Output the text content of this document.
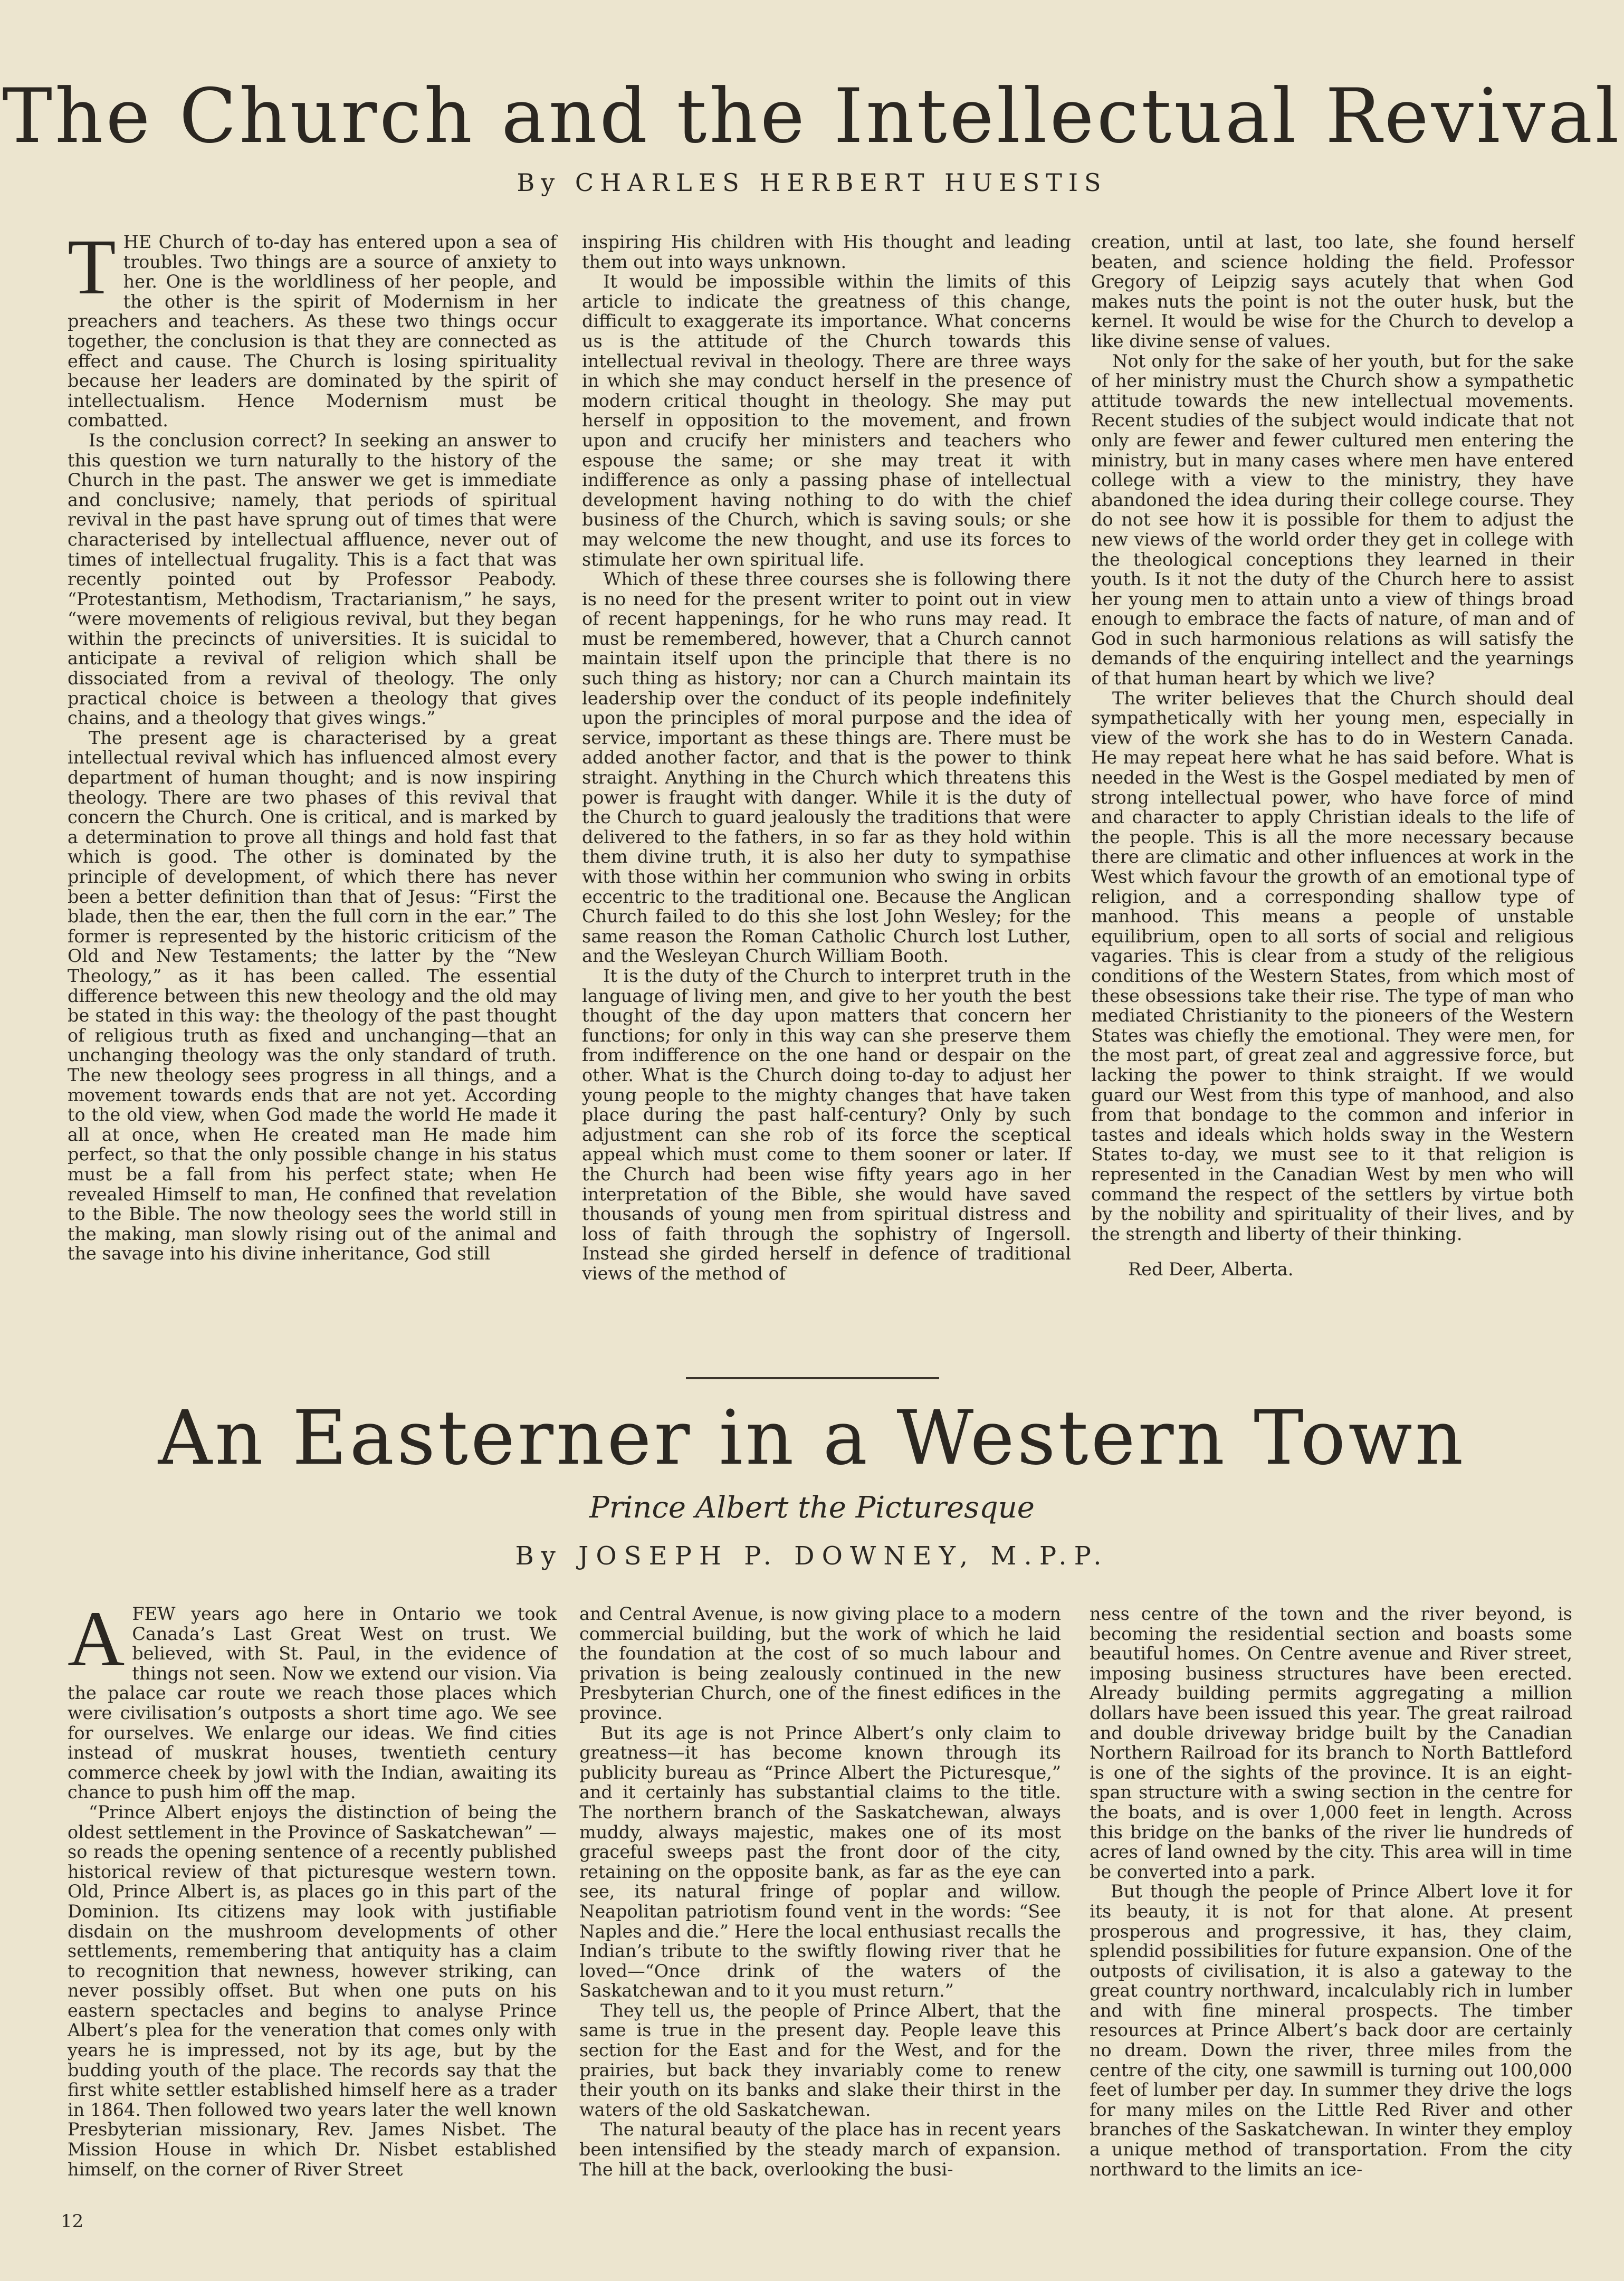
The Church and the Intellectual Revival
By CHARLES HERBERT HUESTIS

THE Church of to-day has entered upon a sea of troubles. Two things are a source of anxiety to her. One is the worldliness of her people, and the other is the spirit of Modernism in her preachers and teachers. As these two things occur together, the conclusion is that they are connected as effect and cause. The Church is losing spirituality because her leaders are dominated by the spirit of intellectualism. Hence Modernism must be combatted.

Is the conclusion correct? In seeking an answer to this question we turn naturally to the history of the Church in the past. The answer we get is immediate and conclusive; namely, that periods of spiritual revival in the past have sprung out of times that were characterised by intellectual affluence, never out of times of intellectual frugality. This is a fact that was recently pointed out by Professor Peabody. “Protestantism, Methodism, Tractarianism,” he says, “were movements of religious revival, but they began within the precincts of universities. It is suicidal to anticipate a revival of religion which shall be dissociated from a revival of theology. The only practical choice is between a theology that gives chains, and a theology that gives wings.”

The present age is characterised by a great intellectual revival which has influenced almost every department of human thought; and is now inspiring theology. There are two phases of this revival that concern the Church. One is critical, and is marked by a determination to prove all things and hold fast that which is good. The other is dominated by the principle of development, of which there has never been a better definition than that of Jesus: “First the blade, then the ear, then the full corn in the ear.” The former is represented by the historic criticism of the Old and New Testaments; the latter by the “New Theology,” as it has been called. The essential difference between this new theology and the old may be stated in this way: the theology of the past thought of religious truth as fixed and unchanging—that an unchanging theology was the only standard of truth. The new theology sees progress in all things, and a movement towards ends that are not yet. According to the old view, when God made the world He made it all at once, when He created man He made him perfect, so that the only possible change in his status must be a fall from his perfect state; when He revealed Himself to man, He confined that revelation to the Bible. The now theology sees the world still in the making, man slowly rising out of the animal and the savage into his divine inheritance, God still

inspiring His children with His thought and leading them out into ways unknown.

It would be impossible within the limits of this article to indicate the greatness of this change, difficult to exaggerate its importance. What concerns us is the attitude of the Church towards this intellectual revival in theology. There are three ways in which she may conduct herself in the presence of modern critical thought in theology. She may put herself in opposition to the movement, and frown upon and crucify her ministers and teachers who espouse the same; or she may treat it with indifference as only a passing phase of intellectual development having nothing to do with the chief business of the Church, which is saving souls; or she may welcome the new thought, and use its forces to stimulate her own spiritual life.

Which of these three courses she is following there is no need for the present writer to point out in view of recent happenings, for he who runs may read. It must be remembered, however, that a Church cannot maintain itself upon the principle that there is no such thing as history; nor can a Church maintain its leadership over the conduct of its people indefinitely upon the principles of moral purpose and the idea of service, important as these things are. There must be added another factor, and that is the power to think straight. Anything in the Church which threatens this power is fraught with danger. While it is the duty of the Church to guard jealously the traditions that were delivered to the fathers, in so far as they hold within them divine truth, it is also her duty to sympathise with those within her communion who swing in orbits eccentric to the traditional one. Because the Anglican Church failed to do this she lost John Wesley; for the same reason the Roman Catholic Church lost Luther, and the Wesleyan Church William Booth.

It is the duty of the Church to interpret truth in the language of living men, and give to her youth the best thought of the day upon matters that concern her functions; for only in this way can she preserve them from indifference on the one hand or despair on the other. What is the Church doing to-day to adjust her young people to the mighty changes that have taken place during the past half-century? Only by such adjustment can she rob of its force the sceptical appeal which must come to them sooner or later. If the Church had been wise fifty years ago in her interpretation of the Bible, she would have saved thousands of young men from spiritual distress and loss of faith through the sophistry of Ingersoll. Instead she girded herself in defence of traditional views of the method of

creation, until at last, too late, she found herself beaten, and science holding the field. Professor Gregory of Leipzig says acutely that when God makes nuts the point is not the outer husk, but the kernel. It would be wise for the Church to develop a like divine sense of values.

Not only for the sake of her youth, but for the sake of her ministry must the Church show a sympathetic attitude towards the new intellectual movements. Recent studies of the subject would indicate that not only are fewer and fewer cultured men entering the ministry, but in many cases where men have entered college with a view to the ministry, they have abandoned the idea during their college course. They do not see how it is possible for them to adjust the new views of the world order they get in college with the theological conceptions they learned in their youth. Is it not the duty of the Church here to assist her young men to attain unto a view of things broad enough to embrace the facts of nature, of man and of God in such harmonious relations as will satisfy the demands of the enquiring intellect and the yearnings of that human heart by which we live?

The writer believes that the Church should deal sympathetically with her young men, especially in view of the work she has to do in Western Canada. He may repeat here what he has said before. What is needed in the West is the Gospel mediated by men of strong intellectual power, who have force of mind and character to apply Christian ideals to the life of the people. This is all the more necessary because there are climatic and other influences at work in the West which favour the growth of an emotional type of religion, and a corresponding shallow type of manhood. This means a people of unstable equilibrium, open to all sorts of social and religious vagaries. This is clear from a study of the religious conditions of the Western States, from which most of these obsessions take their rise. The type of man who mediated Christianity to the pioneers of the Western States was chiefly the emotional. They were men, for the most part, of great zeal and aggressive force, but lacking the power to think straight. If we would guard our West from this type of manhood, and also from that bondage to the common and inferior in tastes and ideals which holds sway in the Western States to-day, we must see to it that religion is represented in the Canadian West by men who will command the respect of the settlers by virtue both by the nobility and spirituality of their lives, and by the strength and liberty of their thinking.

Red Deer, Alberta.

An Easterner in a Western Town
Prince Albert the Picturesque
By JOSEPH P. DOWNEY, M.P.P.

AFEW years ago here in Ontario we took Canada’s Last Great West on trust. We believed, with St. Paul, in the evidence of things not seen. Now we extend our vision. Via the palace car route we reach those places which were civilisation’s outposts a short time ago. We see for ourselves. We enlarge our ideas. We find cities instead of muskrat houses, twentieth century commerce cheek by jowl with the Indian, awaiting its chance to push him off the map.

“Prince Albert enjoys the distinction of being the oldest settlement in the Province of Saskatchewan” —so reads the opening sentence of a recently published historical review of that picturesque western town. Old, Prince Albert is, as places go in this part of the Dominion. Its citizens may look with justifiable disdain on the mushroom developments of other settlements, remembering that antiquity has a claim to recognition that newness, however striking, can never possibly offset. But when one puts on his eastern spectacles and begins to analyse Prince Albert’s plea for the veneration that comes only with years he is impressed, not by its age, but by the budding youth of the place. The records say that the first white settler established himself here as a trader in 1864. Then followed two years later the well known Presbyterian missionary, Rev. James Nisbet. The Mission House in which Dr. Nisbet established himself, on the corner of River Street

and Central Avenue, is now giving place to a modern commercial building, but the work of which he laid the foundation at the cost of so much labour and privation is being zealously continued in the new Presbyterian Church, one of the finest edifices in the province.

But its age is not Prince Albert’s only claim to greatness—it has become known through its publicity bureau as “Prince Albert the Picturesque,” and it certainly has substantial claims to the title. The northern branch of the Saskatchewan, always muddy, always majestic, makes one of its most graceful sweeps past the front door of the city, retaining on the opposite bank, as far as the eye can see, its natural fringe of poplar and willow. Neapolitan patriotism found vent in the words: “See Naples and die.” Here the local enthusiast recalls the Indian’s tribute to the swiftly flowing river that he loved—“Once drink of the waters of the Saskatchewan and to it you must return.”

They tell us, the people of Prince Albert, that the same is true in the present day. People leave this section for the East and for the West, and for the prairies, but back they invariably come to renew their youth on its banks and slake their thirst in the waters of the old Saskatchewan.

The natural beauty of the place has in recent years been intensified by the steady march of expansion. The hill at the back, overlooking the busi-

ness centre of the town and the river beyond, is becoming the residential section and boasts some beautiful homes. On Centre avenue and River street, imposing business structures have been erected. Already building permits aggregating a million dollars have been issued this year. The great railroad and double driveway bridge built by the Canadian Northern Railroad for its branch to North Battleford is one of the sights of the province. It is an eight-span structure with a swing section in the centre for the boats, and is over 1,000 feet in length. Across this bridge on the banks of the river lie hundreds of acres of land owned by the city. This area will in time be converted into a park.

But though the people of Prince Albert love it for its beauty, it is not for that alone. At present prosperous and progressive, it has, they claim, splendid possibilities for future expansion. One of the outposts of civilisation, it is also a gateway to the great country northward, incalculably rich in lumber and with fine mineral prospects. The timber resources at Prince Albert’s back door are certainly no dream. Down the river, three miles from the centre of the city, one sawmill is turning out 100,000 feet of lumber per day. In summer they drive the logs for many miles on the Little Red River and other branches of the Saskatchewan. In winter they employ a unique method of transportation. From the city northward to the limits an ice-

12
